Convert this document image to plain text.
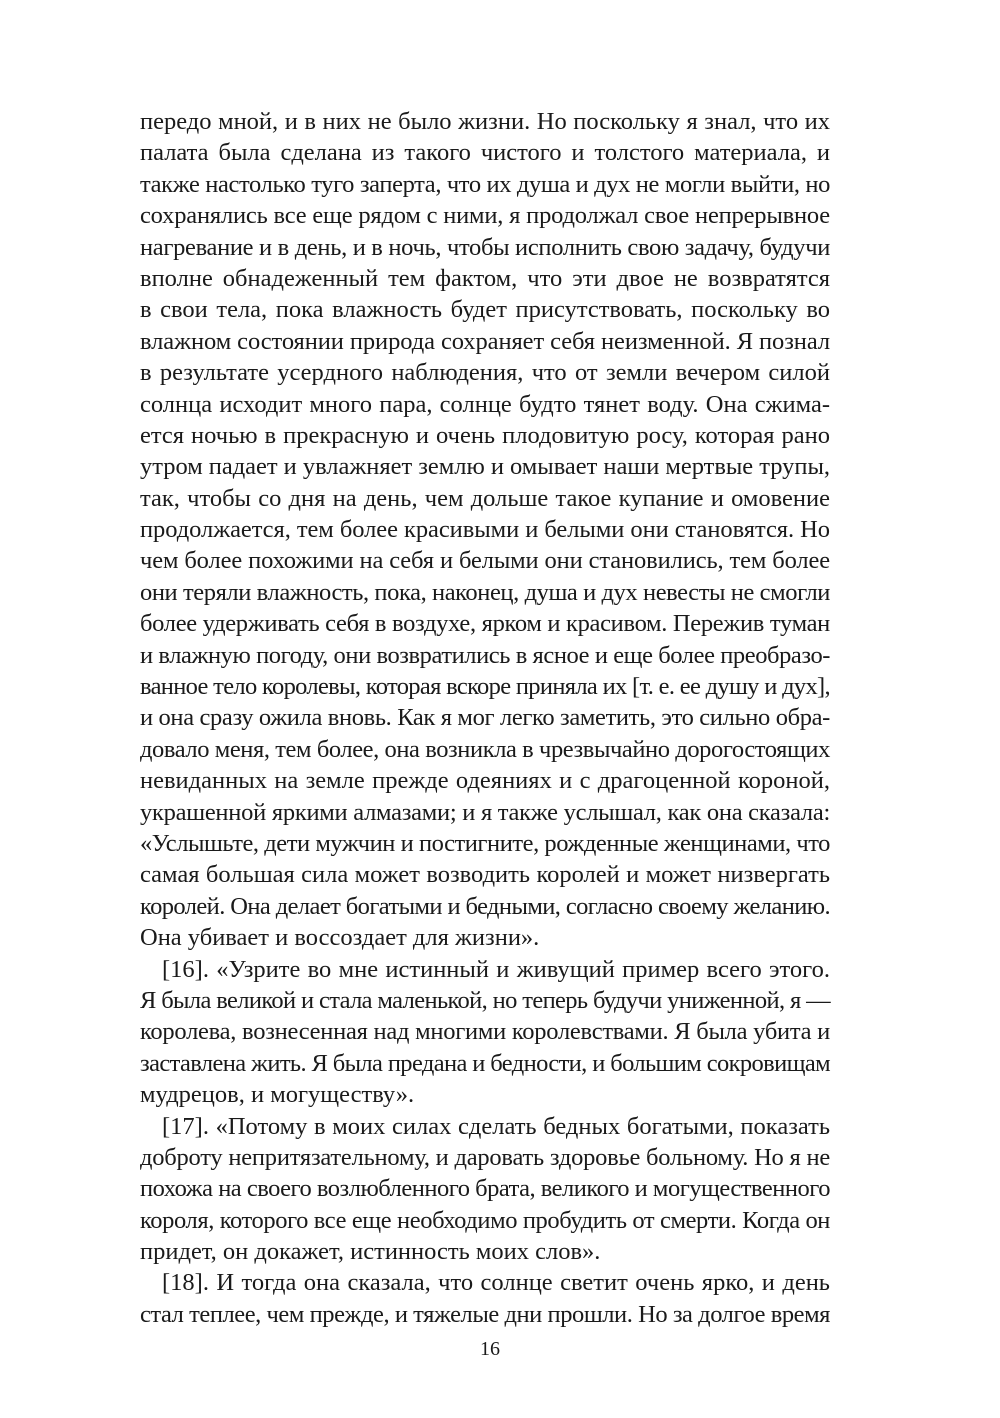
передо мной, и в них не было жизни. Но поскольку я знал, что их
палата была сделана из такого чистого и толстого материала, и
также настолько туго заперта, что их душа и дух не могли выйти, но
сохранялись все еще рядом с ними, я продолжал свое непрерывное
нагревание и в день, и в ночь, чтобы исполнить свою задачу, будучи
вполне обнадеженный тем фактом, что эти двое не возвратятся
в свои тела, пока влажность будет присутствовать, поскольку во
влажном состоянии природа сохраняет себя неизменной. Я познал
в результате усердного наблюдения, что от земли вечером силой
солнца исходит много пара, солнце будто тянет воду. Она сжима-
ется ночью в прекрасную и очень плодовитую росу, которая рано
утром падает и увлажняет землю и омывает наши мертвые трупы,
так, чтобы со дня на день, чем дольше такое купание и омовение
продолжается, тем более красивыми и белыми они становятся. Но
чем более похожими на себя и белыми они становились, тем более
они теряли влажность, пока, наконец, душа и дух невесты не смогли
более удерживать себя в воздухе, ярком и красивом. Пережив туман
и влажную погоду, они возвратились в ясное и еще более преобразо-
ванное тело королевы, которая вскоре приняла их [т. е. ее душу и дух],
и она сразу ожила вновь. Как я мог легко заметить, это сильно обра-
довало меня, тем более, она возникла в чрезвычайно дорогостоящих
невиданных на земле прежде одеяниях и с драгоценной короной,
украшенной яркими алмазами; и я также услышал, как она сказала:
«Услышьте, дети мужчин и постигните, рожденные женщинами, что
самая большая сила может возводить королей и может низвергать
королей. Она делает богатыми и бедными, согласно своему желанию.
Она убивает и воссоздает для жизни».
[16]. «Узрите во мне истинный и живущий пример всего этого.
Я была великой и стала маленькой, но теперь будучи униженной, я —
королева, вознесенная над многими королевствами. Я была убита и
заставлена жить. Я была предана и бедности, и большим сокровищам
мудрецов, и могуществу».
[17]. «Потому в моих силах сделать бедных богатыми, показать
доброту непритязательному, и даровать здоровье больному. Но я не
похожа на своего возлюбленного брата, великого и могущественного
короля, которого все еще необходимо пробудить от смерти. Когда он
придет, он докажет, истинность моих слов».
[18]. И тогда она сказала, что солнце светит очень ярко, и день
стал теплее, чем прежде, и тяжелые дни прошли. Но за долгое время
16
